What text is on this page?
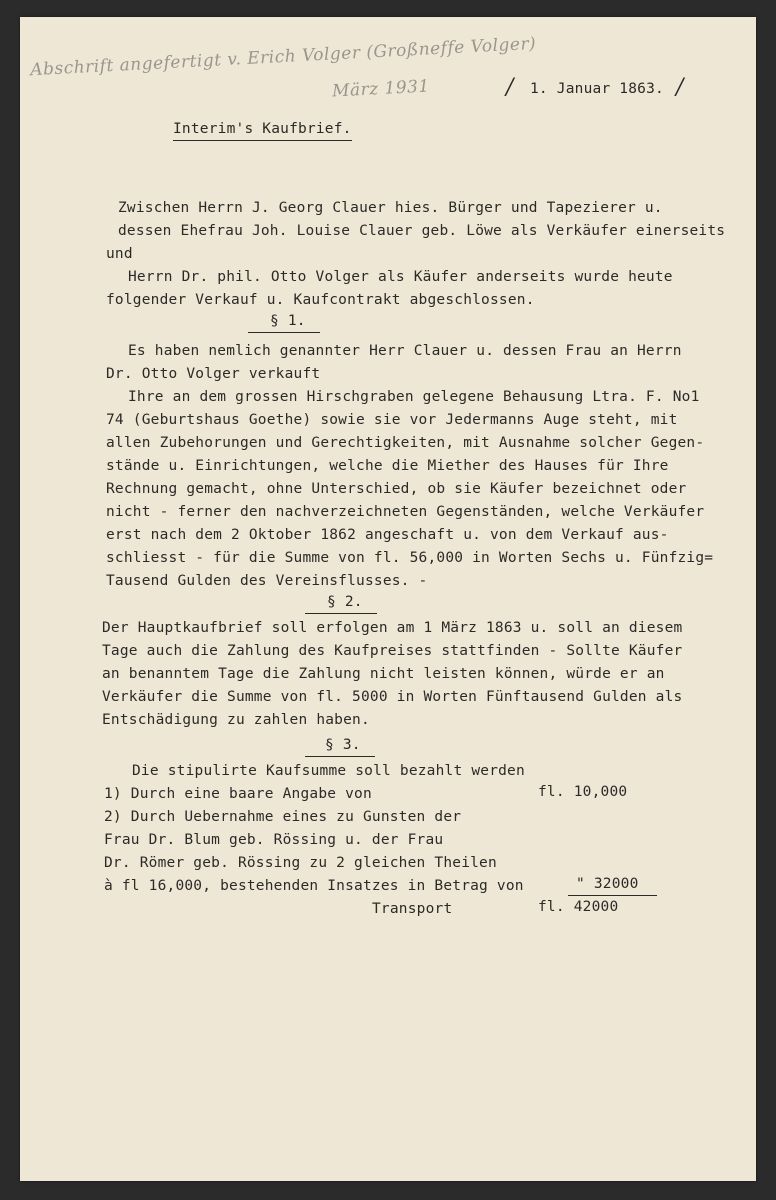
Abschrift angefertigt v. Erich Volger (Großneffe Volger)
März 1931	/ 1. Januar 1863. /
Interim's Kaufbrief.
Zwischen Herrn J. Georg Clauer hies. Bürger und Tapezierer u.
dessen Ehefrau Joh. Louise Clauer geb. Löwe als Verkäufer einerseits
und
Herrn Dr. phil. Otto Volger als Käufer anderseits wurde heute
folgender Verkauf u. Kaufcontrakt abgeschlossen.
§ 1.
Es haben nemlich genannter Herr Clauer u. dessen Frau an Herrn
Dr. Otto Volger verkauft
Ihre an dem grossen Hirschgraben gelegene Behausung Ltra. F. No1
74 (Geburtshaus Goethe) sowie sie vor Jedermanns Auge steht, mit
allen Zubehorungen und Gerechtigkeiten, mit Ausnahme solcher Gegen-
stände u. Einrichtungen, welche die Miether des Hauses für Ihre
Rechnung gemacht, ohne Unterschied, ob sie Käufer bezeichnet oder
nicht - ferner den nachverzeichneten Gegenständen, welche Verkäufer
erst nach dem 2 Oktober 1862 angeschaft u. von dem Verkauf aus-
schliesst - für die Summe von fl. 56,000 in Worten Sechs u. Fünfzig=
Tausend Gulden des Vereinsflusses. -
§ 2.
Der Hauptkaufbrief soll erfolgen am 1 März 1863 u. soll an diesem
Tage auch die Zahlung des Kaufpreises stattfinden - Sollte Käufer
an benanntem Tage die Zahlung nicht leisten können, würde er an
Verkäufer die Summe von fl. 5000 in Worten Fünftausend Gulden als
Entschädigung zu zahlen haben.
§ 3.
Die stipulirte Kaufsumme soll bezahlt werden
1) Durch eine baare Angabe von	fl. 10,000
2) Durch Uebernahme eines zu Gunsten der
Frau Dr. Blum geb. Rössing u. der Frau
Dr. Römer geb. Rössing zu 2 gleichen Theilen
à fl 16,000, bestehenden Insatzes in Betrag von	" 32000
Transport	fl. 42000
